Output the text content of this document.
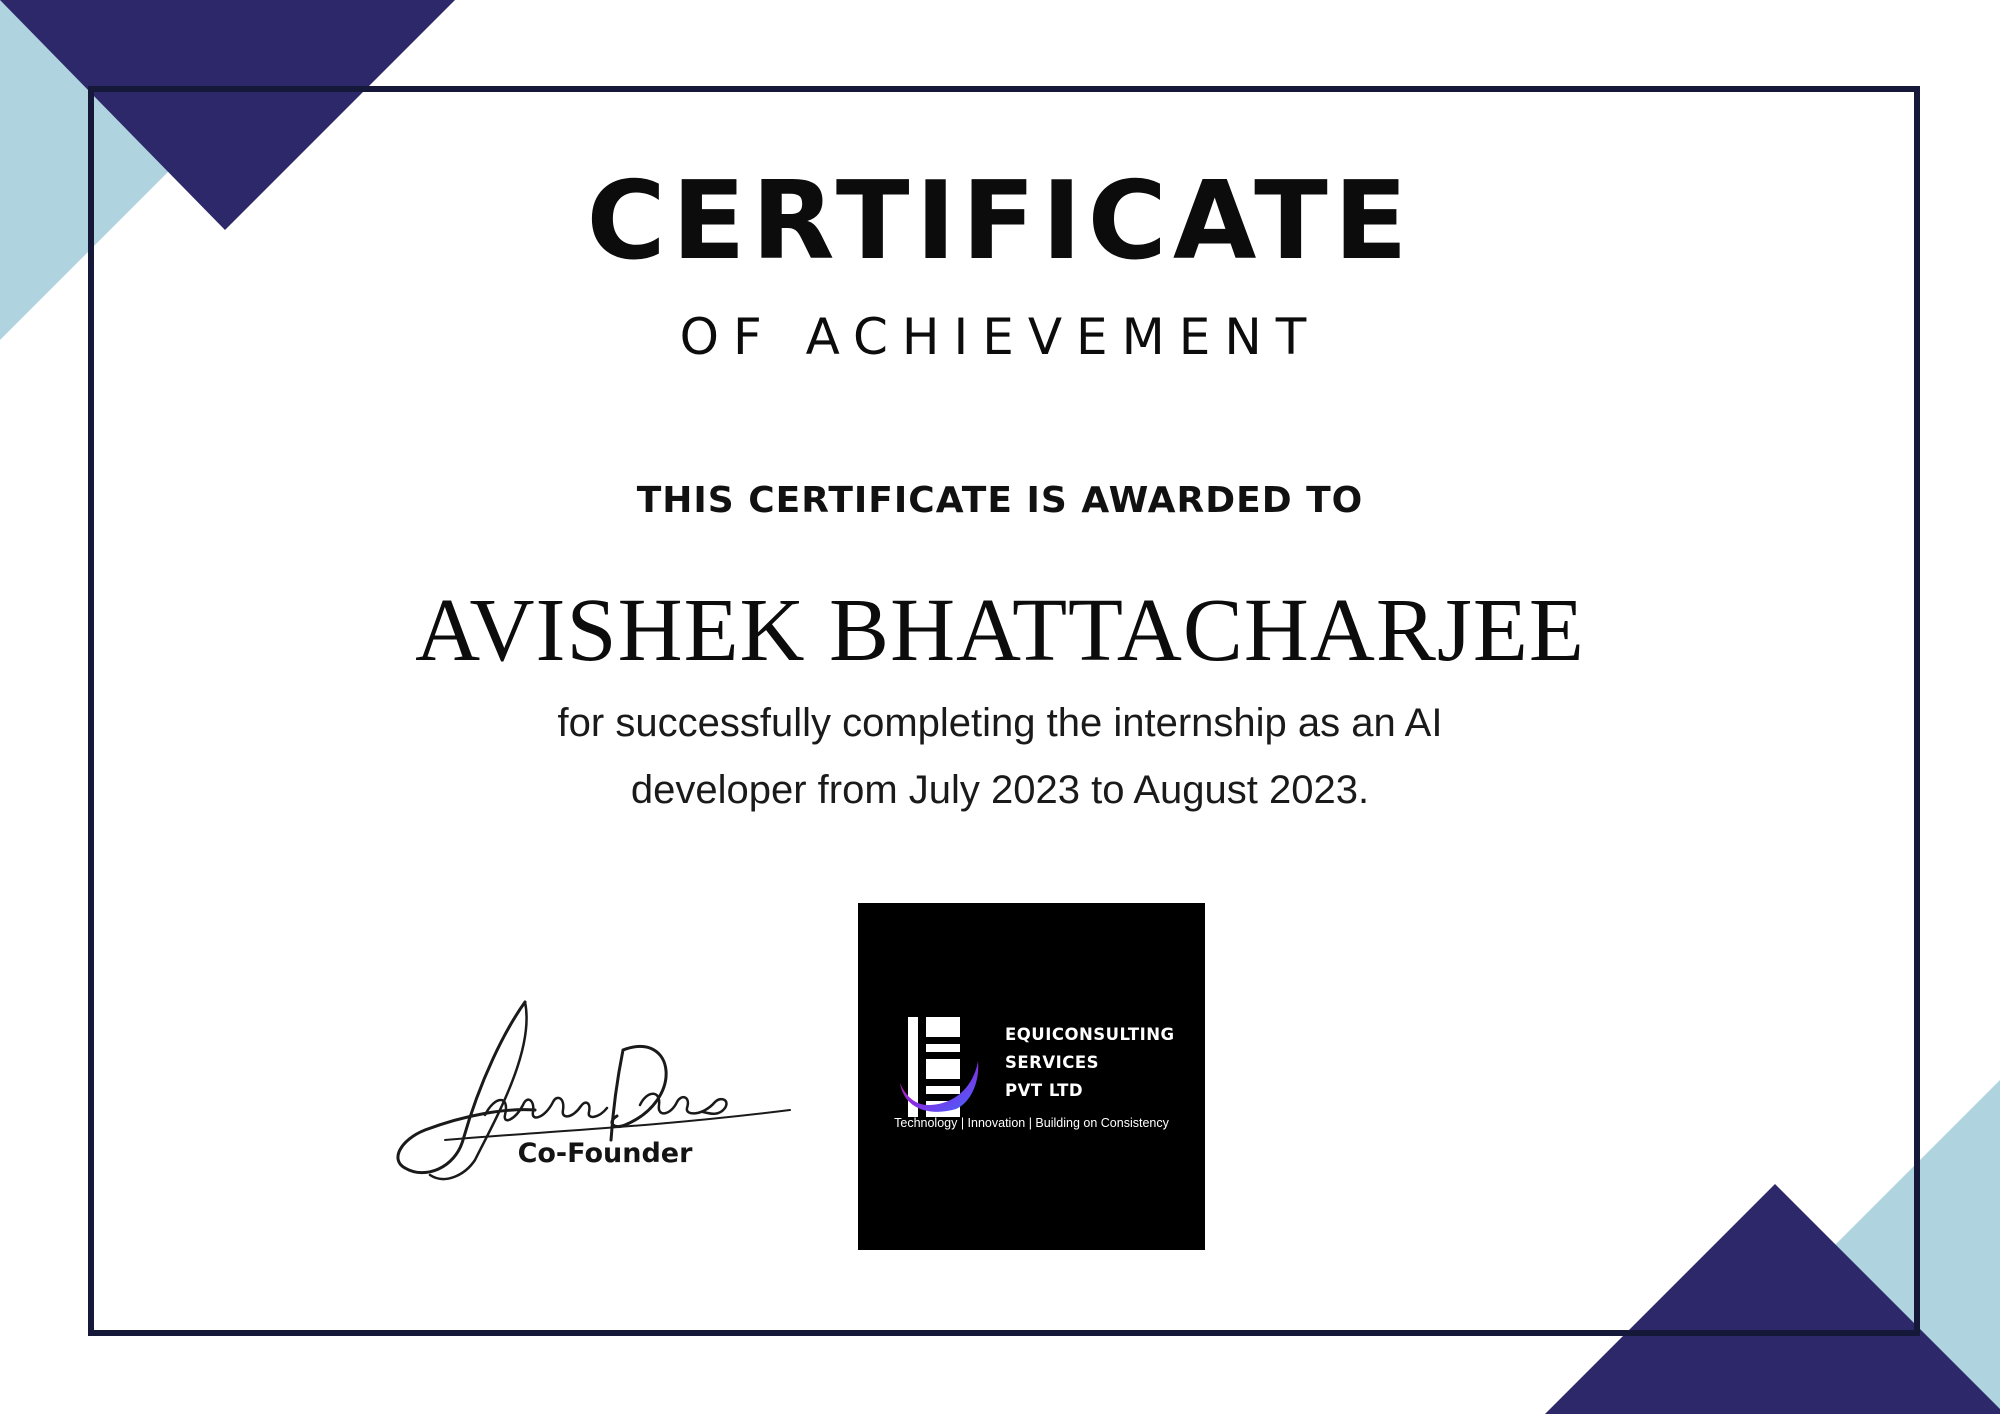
CERTIFICATE
OF ACHIEVEMENT
THIS CERTIFICATE IS AWARDED TO
AVISHEK BHATTACHARJEE
for successfully completing the internship as an AI
developer from July 2023 to August 2023.
Co-Founder
EQUICONSULTING
SERVICES
PVT LTD
Technology | Innovation | Building on Consistency
